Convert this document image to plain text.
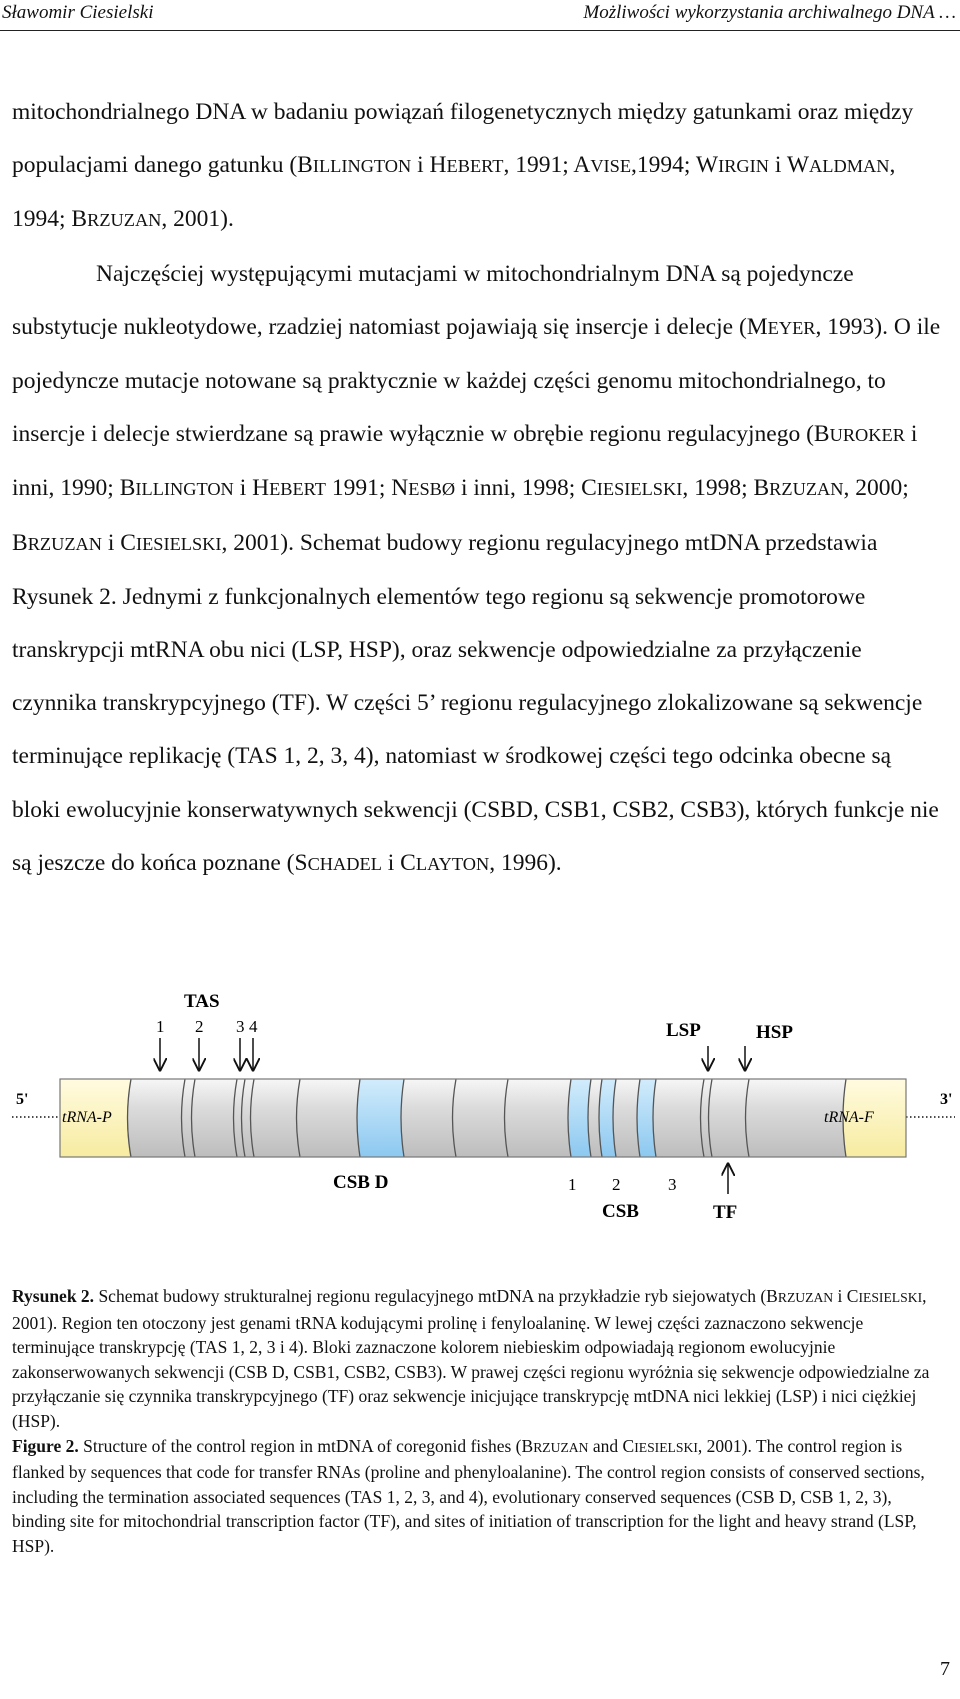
Sławomir Ciesielski	Możliwości wykorzystania archiwalnego DNA …

mitochondrialnego DNA w badaniu powiązań filogenetycznych między gatunkami oraz między populacjami danego gatunku (BILLINGTON i HEBERT, 1991; AVISE,1994; WIRGIN i WALDMAN, 1994; BRZUZAN, 2001).

Najczęściej występującymi mutacjami w mitochondrialnym DNA są pojedyncze substytucje nukleotydowe, rzadziej natomiast pojawiają się insercje i delecje (MEYER, 1993). O ile pojedyncze mutacje notowane są praktycznie w każdej części genomu mitochondrialnego, to insercje i delecje stwierdzane są prawie wyłącznie w obrębie regionu regulacyjnego (BUROKER i inni, 1990; BILLINGTON i HEBERT 1991; NESBØ i inni, 1998; CIESIELSKI, 1998; BRZUZAN, 2000; BRZUZAN i CIESIELSKI, 2001). Schemat budowy regionu regulacyjnego mtDNA przedstawia Rysunek 2. Jednymi z funkcjonalnych elementów tego regionu są sekwencje promotorowe transkrypcji mtRNA obu nici (LSP, HSP), oraz sekwencje odpowiedzialne za przyłączenie czynnika transkrypcyjnego (TF). W części 5’ regionu regulacyjnego zlokalizowane są sekwencje terminujące replikację (TAS 1, 2, 3, 4), natomiast w środkowej części tego odcinka obecne są bloki ewolucyjnie konserwatywnych sekwencji (CSBD, CSB1, CSB2, CSB3), których funkcje nie są jeszcze do końca poznane (SCHADEL i CLAYTON, 1996).

TAS
1 2 3 4	LSP	HSP
5'	3'
tRNA-P	tRNA-F
CSB D	1 2	3
CSB	TF

Rysunek 2. Schemat budowy strukturalnej regionu regulacyjnego mtDNA na przykładzie ryb siejowatych (BRZUZAN i CIESIELSKI, 2001). Region ten otoczony jest genami tRNA kodującymi prolinę i fenyloalaninę. W lewej części zaznaczono sekwencje terminujące transkrypcję (TAS 1, 2, 3 i 4). Bloki zaznaczone kolorem niebieskim odpowiadają regionom ewolucyjnie zakonserwowanych sekwencji (CSB D, CSB1, CSB2, CSB3). W prawej części regionu wyróżnia się sekwencje odpowiedzialne za przyłączanie się czynnika transkrypcyjnego (TF) oraz sekwencje inicjujące transkrypcję mtDNA nici lekkiej (LSP) i nici ciężkiej (HSP).

Figure 2. Structure of the control region in mtDNA of coregonid fishes (BRZUZAN and CIESIELSKI, 2001). The control region is flanked by sequences that code for transfer RNAs (proline and phenyloalanine). The control region consists of conserved sections, including the termination associated sequences (TAS 1, 2, 3, and 4), evolutionary conserved sequences (CSB D, CSB 1, 2, 3), binding site for mitochondrial transcription factor (TF), and sites of initiation of transcription for the light and heavy strand (LSP, HSP).

7
